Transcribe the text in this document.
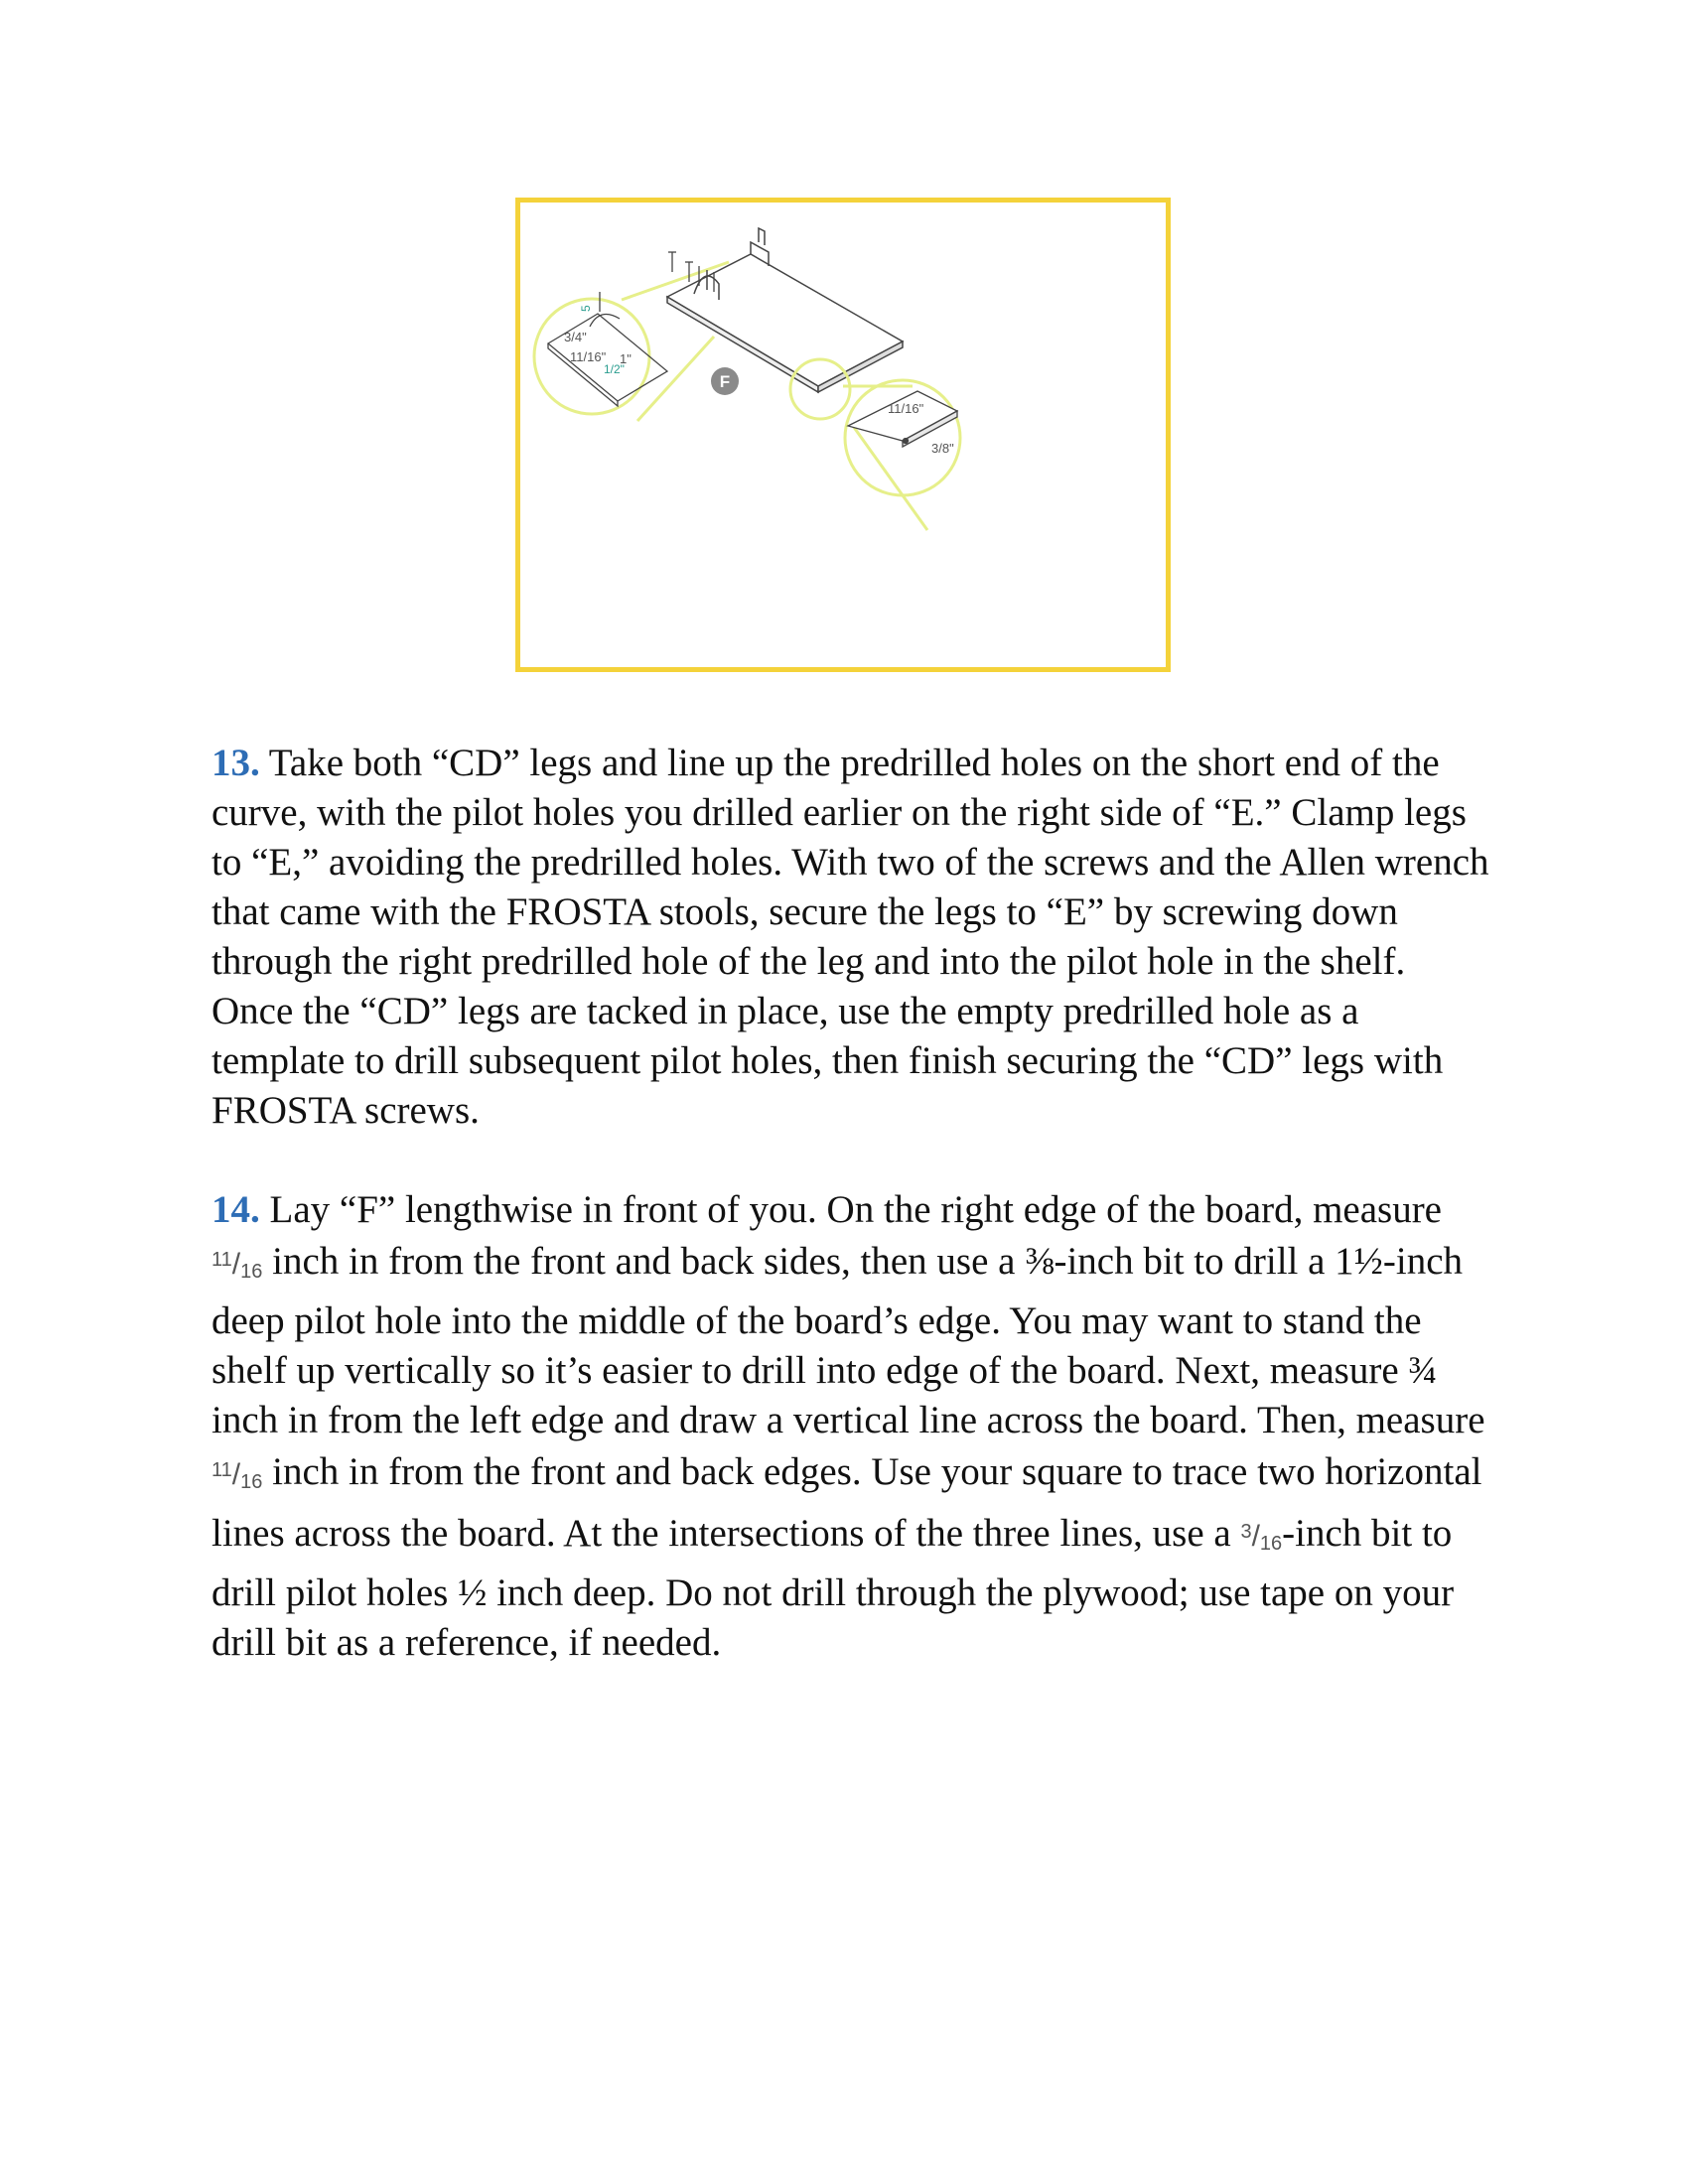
5
3/4"
11/16"
1/2"
1"
F
11/16"
3/8"
13. Take both “CD” legs and line up the predrilled holes on the short end of the curve, with the pilot holes you drilled earlier on the right side of “E.” Clamp legs to “E,” avoiding the predrilled holes. With two of the screws and the Allen wrench that came with the FROSTA stools, secure the legs to “E” by screwing down through the right predrilled hole of the leg and into the pilot hole in the shelf. Once the “CD” legs are tacked in place, use the empty predrilled hole as a template to drill subsequent pilot holes, then finish securing the “CD” legs with FROSTA screws.
14. Lay “F” lengthwise in front of you. On the right edge of the board, measure $^{11}$/16 inch in from the front and back sides, then use a ⅜-inch bit to drill a 1½-inch deep pilot hole into the middle of the board’s edge. You may want to stand the shelf up vertically so it’s easier to drill into edge of the board. Next, measure ¾ inch in from the left edge and draw a vertical line across the board. Then, measure $^{11}$/16 inch in from the front and back edges. Use your square to trace two horizontal lines across the board. At the intersections of the three lines, use a $^3$/16-inch bit to drill pilot holes ½ inch deep. Do not drill through the plywood; use tape on your drill bit as a reference, if needed.
